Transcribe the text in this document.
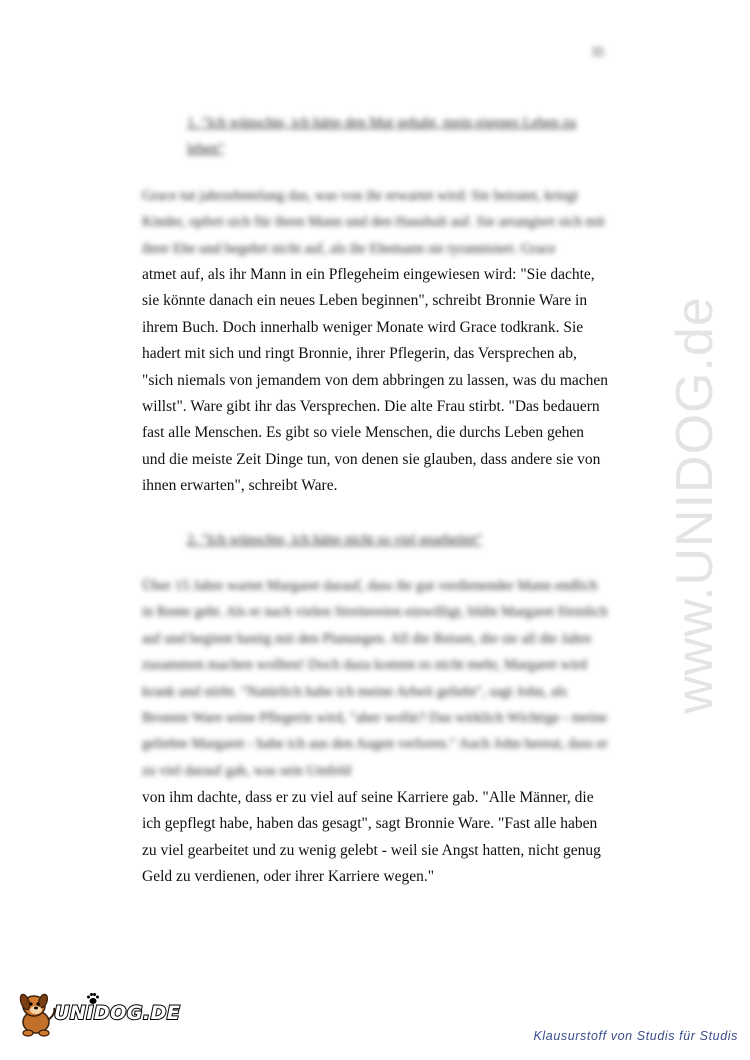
35
1. "Ich wünschte, ich hätte den Mut gehabt, mein eigenes Leben zu leben"
Grace tut jahrzehntelang das, was von ihr erwartet wird: Sie heiratet, kriegt Kinder, opfert sich für ihren Mann und den Haushalt auf. Sie arrangiert sich mit ihrer Ehe und begehrt nicht auf, als ihr Ehemann sie tyrannisiert. Grace
atmet auf, als ihr Mann in ein Pflegeheim eingewiesen wird: "Sie dachte, sie könnte danach ein neues Leben beginnen", schreibt Bronnie Ware in ihrem Buch. Doch innerhalb weniger Monate wird Grace todkrank. Sie hadert mit sich und ringt Bronnie, ihrer Pflegerin, das Versprechen ab, "sich niemals von jemandem von dem abbringen zu lassen, was du machen willst". Ware gibt ihr das Versprechen. Die alte Frau stirbt. "Das bedauern fast alle Menschen. Es gibt so viele Menschen, die durchs Leben gehen und die meiste Zeit Dinge tun, von denen sie glauben, dass andere sie von ihnen erwarten", schreibt Ware.
2. "Ich wünschte, ich hätte nicht so viel gearbeitet"
Über 15 Jahre wartet Margaret darauf, dass ihr gut verdienender Mann endlich in Rente geht. Als er nach vielen Streitereien einwilligt, blüht Margaret förmlich auf und beginnt hastig mit den Planungen. All die Reisen, die sie all die Jahre zusammen machen wollten! Doch dazu kommt es nicht mehr, Margaret wird krank und stirbt. "Natürlich habe ich meine Arbeit geliebt", sagt John, als Bronnie Ware seine Pflegerin wird, "aber wofür? Das wirklich Wichtige - meine geliebte Margaret - habe ich aus den Augen verloren." Auch John bereut, dass er zu viel darauf gab, was sein Umfeld
von ihm dachte, dass er zu viel auf seine Karriere gab. "Alle Männer, die ich gepflegt habe, haben das gesagt", sagt Bronnie Ware. "Fast alle haben zu viel gearbeitet und zu wenig gelebt - weil sie Angst hatten, nicht genug Geld zu verdienen, oder ihrer Karriere wegen."
www.UNIDOG.de
UNIDOG.DE
Klausurstoff von Studis für Studis
